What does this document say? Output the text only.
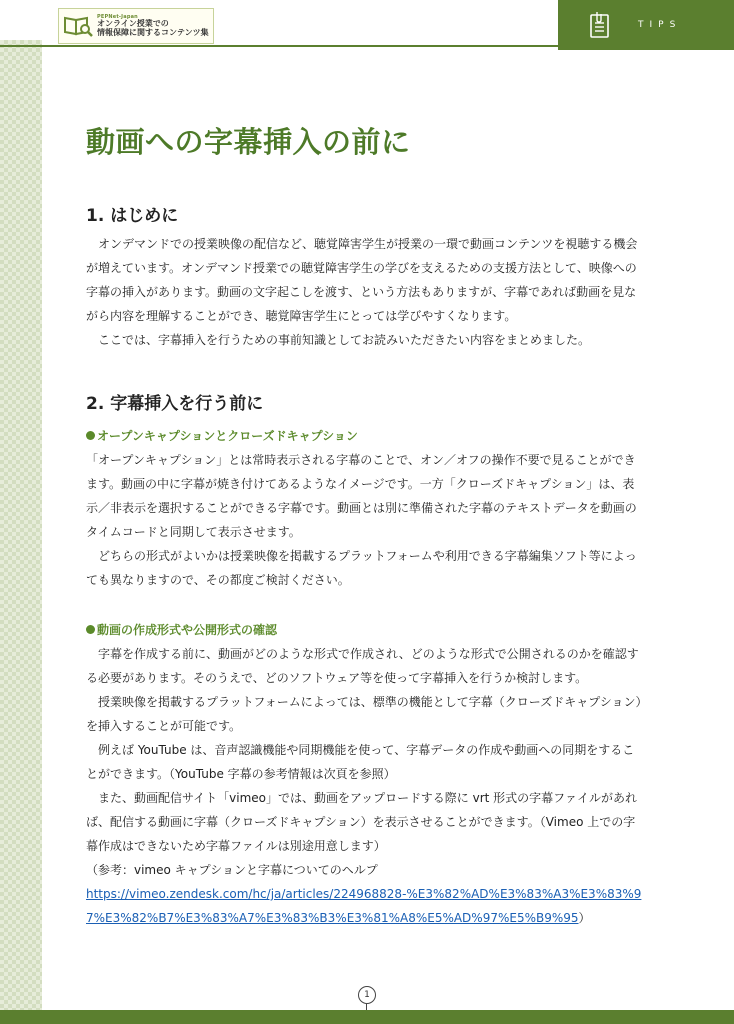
PEPNet-Japan
オンライン授業での
情報保障に関するコンテンツ集
TIPS
動画への字幕挿入の前に
1. はじめに

オンデマンドでの授業映像の配信など、聴覚障害学生が授業の一環で動画コンテンツを視聴する機会が増えています。オンデマンド授業での聴覚障害学生の学びを支えるための支援方法として、映像への字幕の挿入があります。動画の文字起こしを渡す、という方法もありますが、字幕であれば動画を見ながら内容を理解することができ、聴覚障害学生にとっては学びやすくなります。

ここでは、字幕挿入を行うための事前知識としてお読みいただきたい内容をまとめました。

2. 字幕挿入を行う前に
オープンキャプションとクローズドキャプション

「オープンキャプション」とは常時表示される字幕のことで、オン／オフの操作不要で見ることができます。動画の中に字幕が焼き付けてあるようなイメージです。一方「クローズドキャプション」は、表示／非表示を選択することができる字幕です。動画とは別に準備された字幕のテキストデータを動画のタイムコードと同期して表示させます。

どちらの形式がよいかは授業映像を掲載するプラットフォームや利用できる字幕編集ソフト等によっても異なりますので、その都度ご検討ください。

動画の作成形式や公開形式の確認

字幕を作成する前に、動画がどのような形式で作成され、どのような形式で公開されるのかを確認する必要があります。そのうえで、どのソフトウェア等を使って字幕挿入を行うか検討します。

授業映像を掲載するプラットフォームによっては、標準の機能として字幕（クローズドキャプション）を挿入することが可能です。

例えば YouTube は、音声認識機能や同期機能を使って、字幕データの作成や動画への同期をすることができます。（YouTube 字幕の参考情報は次頁を参照）

また、動画配信サイト「vimeo」では、動画をアップロードする際に vrt 形式の字幕ファイルがあれば、配信する動画に字幕（クローズドキャプション）を表示させることができます。（Vimeo 上での字幕作成はできないため字幕ファイルは別途用意します）

（参考：vimeo キャプションと字幕についてのヘルプ
https://vimeo.zendesk.com/hc/ja/articles/224968828-%E3%82%AD%E3%83%A3%E3%83%97%E3%82%B7%E3%83%A7%E3%83%B3%E3%81%A8%E5%AD%97%E5%B9%95）

1
